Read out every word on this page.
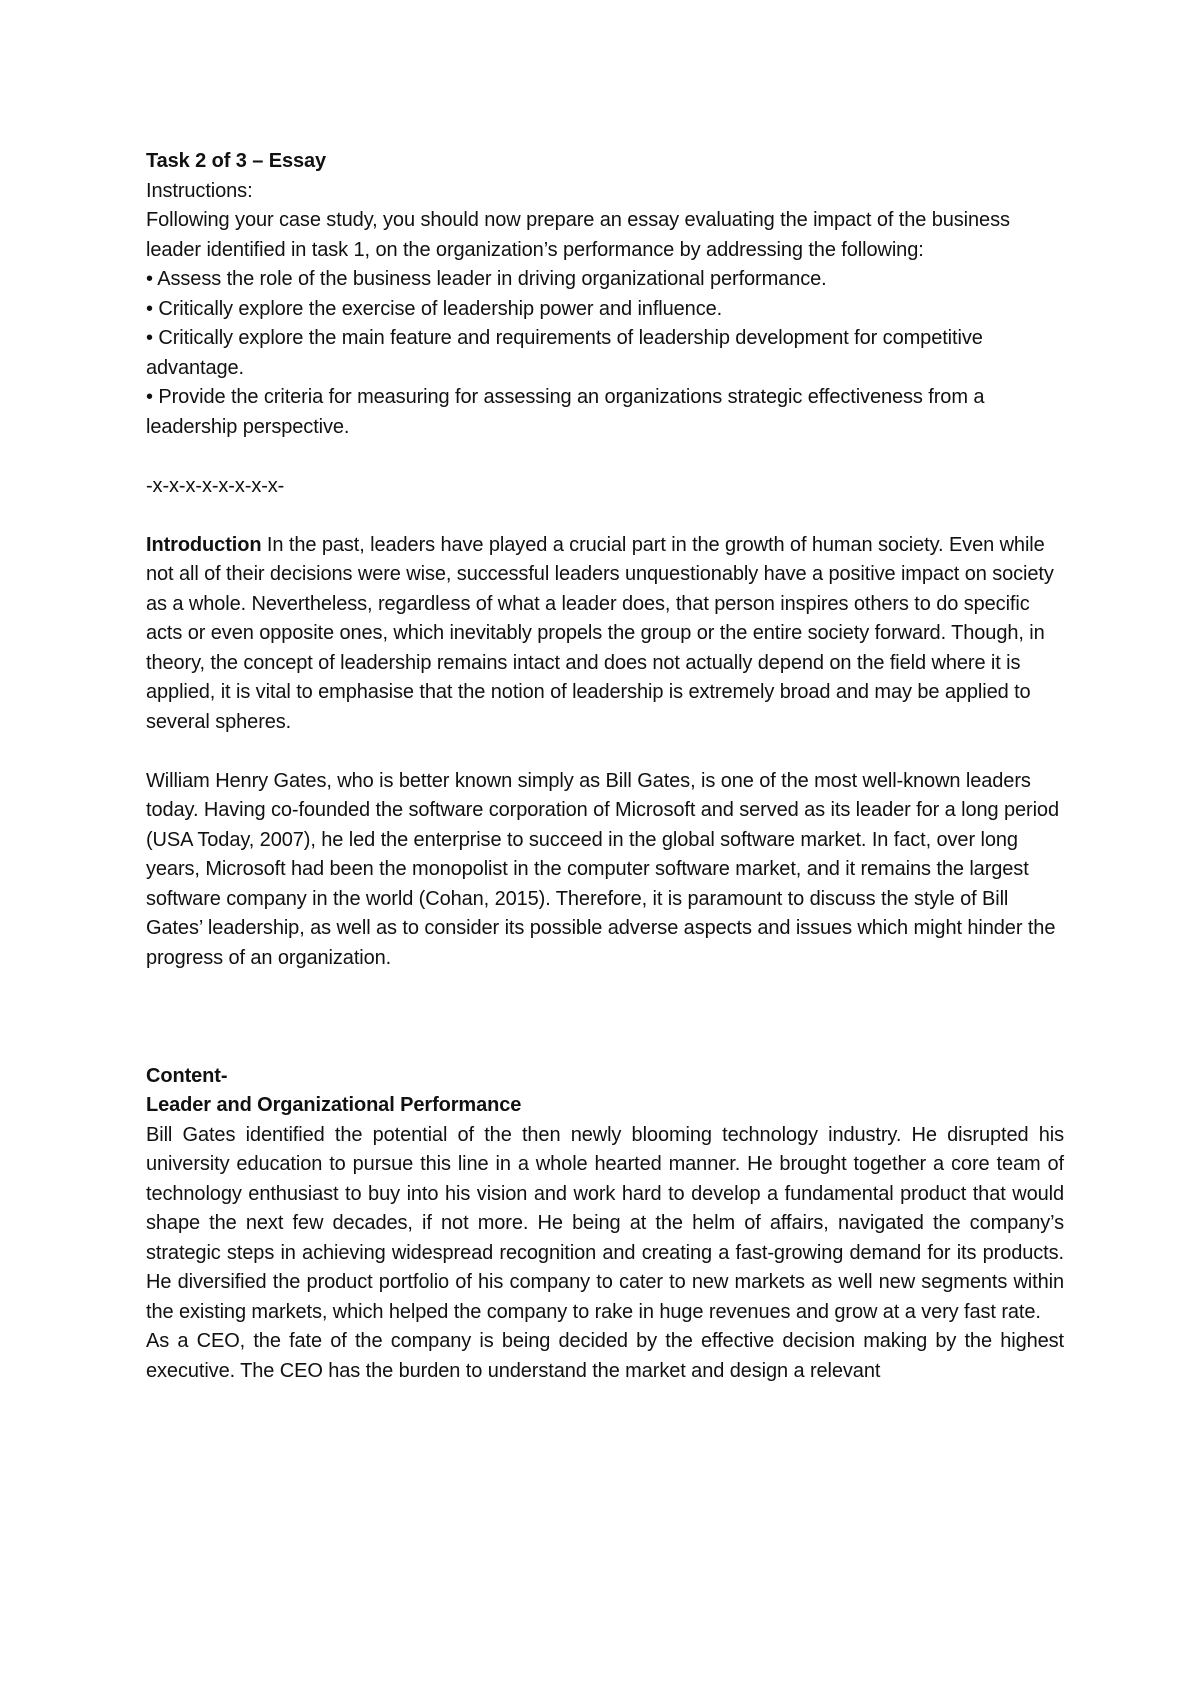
Task 2 of 3 – Essay

Instructions:

Following your case study, you should now prepare an essay evaluating the impact of the business leader identified in task 1, on the organization’s performance by addressing the following:

• Assess the role of the business leader in driving organizational performance.
• Critically explore the exercise of leadership power and influence.
• Critically explore the main feature and requirements of leadership development for competitive advantage.
• Provide the criteria for measuring for assessing an organizations strategic effectiveness from a leadership perspective.

-x-x-x-x-x-x-x-x-

Introduction In the past, leaders have played a crucial part in the growth of human society. Even while not all of their decisions were wise, successful leaders unquestionably have a positive impact on society as a whole. Nevertheless, regardless of what a leader does, that person inspires others to do specific acts or even opposite ones, which inevitably propels the group or the entire society forward. Though, in theory, the concept of leadership remains intact and does not actually depend on the field where it is applied, it is vital to emphasise that the notion of leadership is extremely broad and may be applied to several spheres.

William Henry Gates, who is better known simply as Bill Gates, is one of the most well-known leaders today. Having co-founded the software corporation of Microsoft and served as its leader for a long period (USA Today, 2007), he led the enterprise to succeed in the global software market. In fact, over long years, Microsoft had been the monopolist in the computer software market, and it remains the largest software company in the world (Cohan, 2015). Therefore, it is paramount to discuss the style of Bill Gates’ leadership, as well as to consider its possible adverse aspects and issues which might hinder the progress of an organization.

Content-

Leader and Organizational Performance

Bill Gates identified the potential of the then newly blooming technology industry. He disrupted his university education to pursue this line in a whole hearted manner. He brought together a core team of technology enthusiast to buy into his vision and work hard to develop a fundamental product that would shape the next few decades, if not more. He being at the helm of affairs, navigated the company’s strategic steps in achieving widespread recognition and creating a fast-growing demand for its products. He diversified the product portfolio of his company to cater to new markets as well new segments within the existing markets, which helped the company to rake in huge revenues and grow at a very fast rate.

As a CEO, the fate of the company is being decided by the effective decision making by the highest executive. The CEO has the burden to understand the market and design a relevant
